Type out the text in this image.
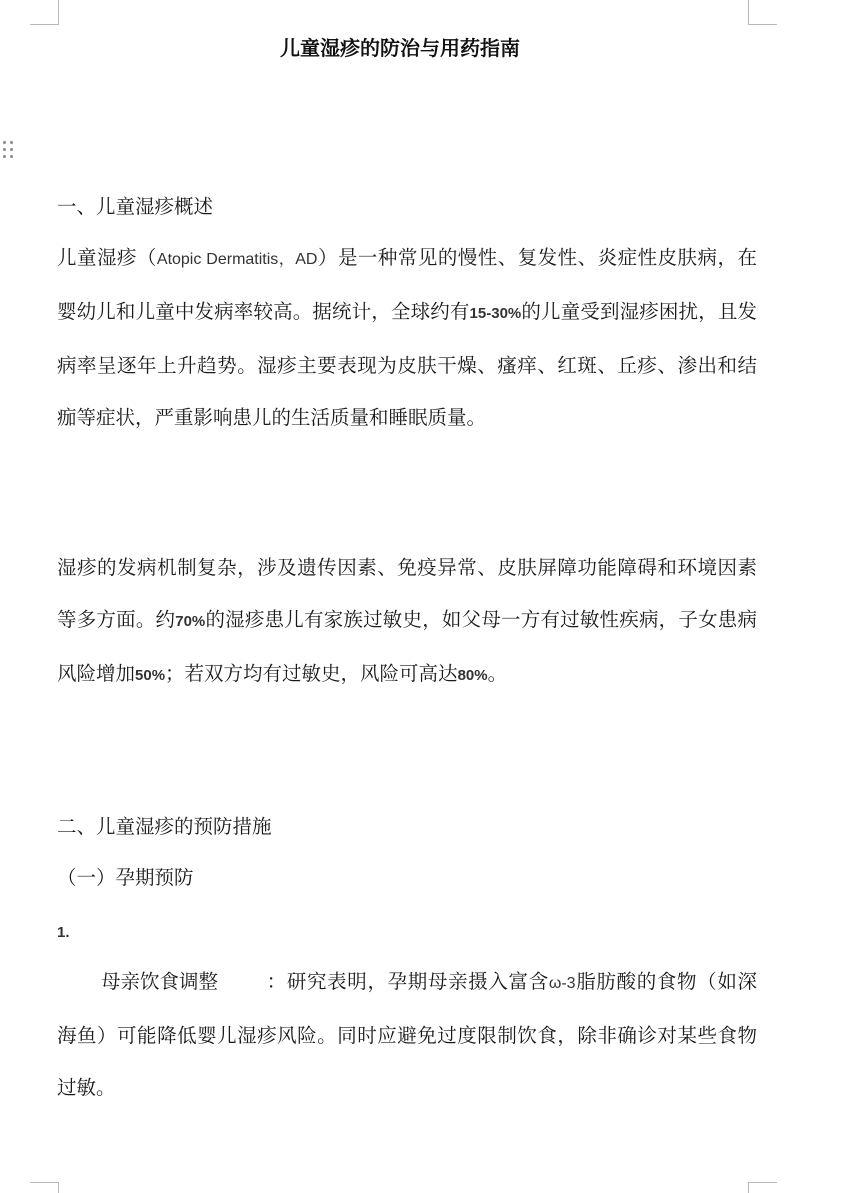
儿童湿疹的防治与用药指南
一、儿童湿疹概述
儿童湿疹（Atopic Dermatitis，AD）是一种常见的慢性、复发性、炎症性皮肤病，在婴幼儿和儿童中发病率较高。据统计，全球约有15-30%的儿童受到湿疹困扰，且发病率呈逐年上升趋势。湿疹主要表现为皮肤干燥、瘙痒、红斑、丘疹、渗出和结痂等症状，严重影响患儿的生活质量和睡眠质量。
湿疹的发病机制复杂，涉及遗传因素、免疫异常、皮肤屏障功能障碍和环境因素等多方面。约70%的湿疹患儿有家族过敏史，如父母一方有过敏性疾病，子女患病风险增加50%；若双方均有过敏史，风险可高达80%。
二、儿童湿疹的预防措施
（一）孕期预防
1.
母亲饮食调整 ：研究表明，孕期母亲摄入富含ω-3脂肪酸的食物（如深海鱼）可能降低婴儿湿疹风险。同时应避免过度限制饮食，除非确诊对某些食物过敏。
